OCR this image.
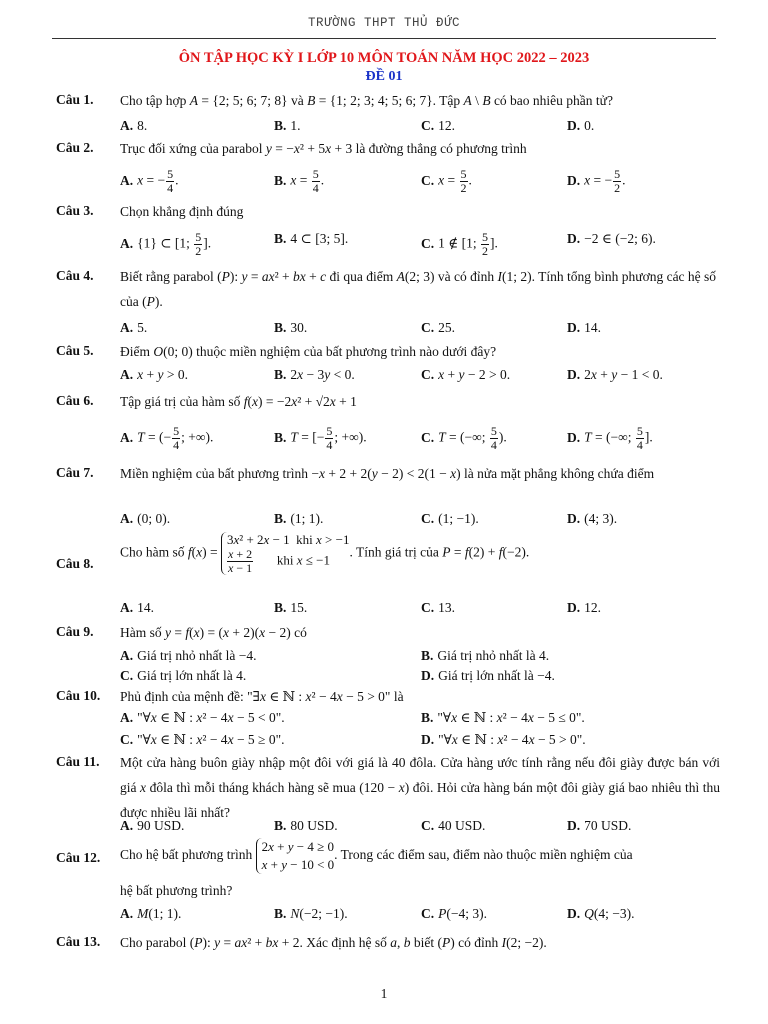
TRƯỜNG THPT THỦ ĐỨC
ÔN TẬP HỌC KỲ I LỚP 10 MÔN TOÁN NĂM HỌC 2022 – 2023
ĐỀ 01
Câu 1. Cho tập hợp A = {2; 5; 6; 7; 8} và B = {1; 2; 3; 4; 5; 6; 7}. Tập A \ B có bao nhiêu phần tử?
A. 8.	B. 1.	C. 12.	D. 0.
Câu 2. Trục đối xứng của parabol y = −x² + 5x + 3 là đường thẳng có phương trình
A. x = − $\frac{5}{4}$ .	B. $x = \frac{5}{4}$ .	C. $x = \frac{5}{2}$ .	D. x = − $\frac{5}{2}$ .
Câu 3. Chọn khẳng định đúng
A. {1} ⊂ [1; $\frac{5}{2}$ ].	B. 4 ⊂ [3; 5].	C. 1 ∉ [1; $\frac{5}{2}$ ].	D. −2 ∈ (−2; 6).
Câu 4. Biết rằng parabol (P): y = ax² + bx + c đi qua điểm A(2; 3) và có đỉnh I(1; 2). Tính tổng bình phương các hệ số của (P).
A. 5.	B. 30.	C. 25.	D. 14.
Câu 5. Điểm O(0; 0) thuộc miền nghiệm của bất phương trình nào dưới đây?
A. x + y > 0.	B. 2x − 3y < 0.	C. x + y − 2 > 0.	D. 2x + y − 1 < 0.
Câu 6. Tập giá trị của hàm số f(x) = −2x² + √2x + 1
A. T = (− $\frac{5}{4}$ ; +∞).	B. T = [− $\frac{5}{4}$ ; +∞).	C. T = (−∞; $\frac{5}{4}$ ).	D. T = (−∞; $\frac{5}{4}$ ].
Câu 7. Miền nghiệm của bất phương trình −x + 2 + 2(y − 2) < 2(1 − x) là nửa mặt phẳng không chứa điểm
A. (0; 0).	B. (1; 1).	C. (1; −1).	D. (4; 3).
Câu 8.
Cho hàm số f(x) = 3x² + 2x − 1  khi x > −1

$\frac{x + 2}{x - 1}$ khi x ≤ −1. Tính giá trị của P = f(2) + f(−2).
A. 14.	B. 15.	C. 13.	D. 12.
Câu 9. Hàm số y = f(x) = (x + 2)(x − 2) có
A. Giá trị nhỏ nhất là −4.	B. Giá trị nhỏ nhất là 4.
C. Giá trị lớn nhất là 4.	D. Giá trị lớn nhất là −4.
Câu 10. Phủ định của mệnh đề: "∃x ∈ ℕ : x² − 4x − 5 > 0" là
A. "∀x ∈ ℕ : x² − 4x − 5 < 0".	B. "∀x ∈ ℕ : x² − 4x − 5 ≤ 0".
C. "∀x ∈ ℕ : x² − 4x − 5 ≥ 0".	D. "∀x ∈ ℕ : x² − 4x − 5 > 0".
Câu 11. Một cửa hàng buôn giày nhập một đôi với giá là 40 đôla. Cửa hàng ước tính rằng nếu đôi giày được bán với giá x đôla thì mỗi tháng khách hàng sẽ mua (120 − x) đôi. Hỏi cửa hàng bán một đôi giày giá bao nhiêu thì thu được nhiều lãi nhất?
A. 90 USD.	B. 80 USD.	C. 40 USD.	D. 70 USD.
Câu 12. Cho hệ bất phương trình 2x + y − 4 ≥ 0
x + y − 10 < 0. Trong các điểm sau, điểm nào thuộc miền nghiệm của
hệ bất phương trình?
A. M(1; 1).	B. N(−2; −1).	C. P(−4; 3).	D. Q(4; −3).
Câu 13. Cho parabol (P): y = ax² + bx + 2. Xác định hệ số a, b biết (P) có đỉnh I(2; −2).
1
